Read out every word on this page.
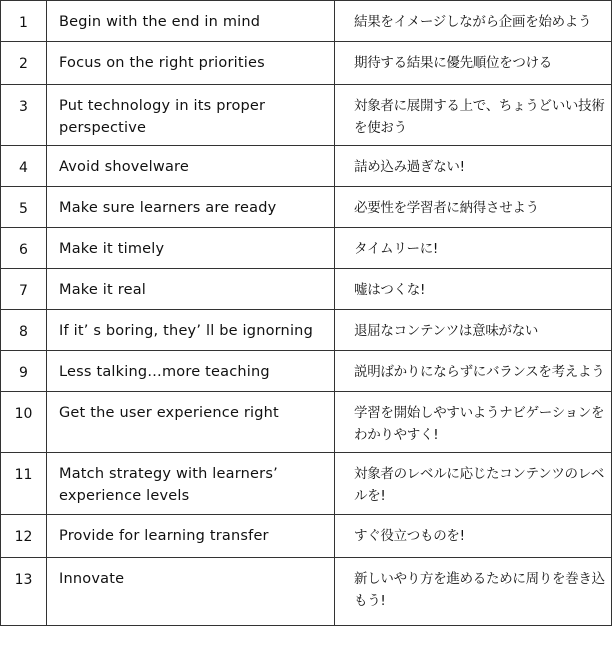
1	Begin with the end in mind	結果をイメージしながら企画を始めよう
2	Focus on the right priorities	期待する結果に優先順位をつける
3	Put technology in its proper perspective	対象者に展開する上で、ちょうどいい技術を使おう
4	Avoid shovelware	詰め込み過ぎない!
5	Make sure learners are ready	必要性を学習者に納得させよう
6	Make it timely	タイムリーに!
7	Make it real	嘘はつくな!
8	If it’ s boring, they’ ll be ignorning	退屈なコンテンツは意味がない
9	Less talking…more teaching	説明ばかりにならずにバランスを考えよう
10	Get the user experience right	学習を開始しやすいようナビゲーションをわかりやすく!
11	Match strategy with learners’ experience levels	対象者のレベルに応じたコンテンツのレベルを!
12	Provide for learning transfer	すぐ役立つものを!
13	Innovate	新しいやり方を進めるために周りを巻き込もう!
